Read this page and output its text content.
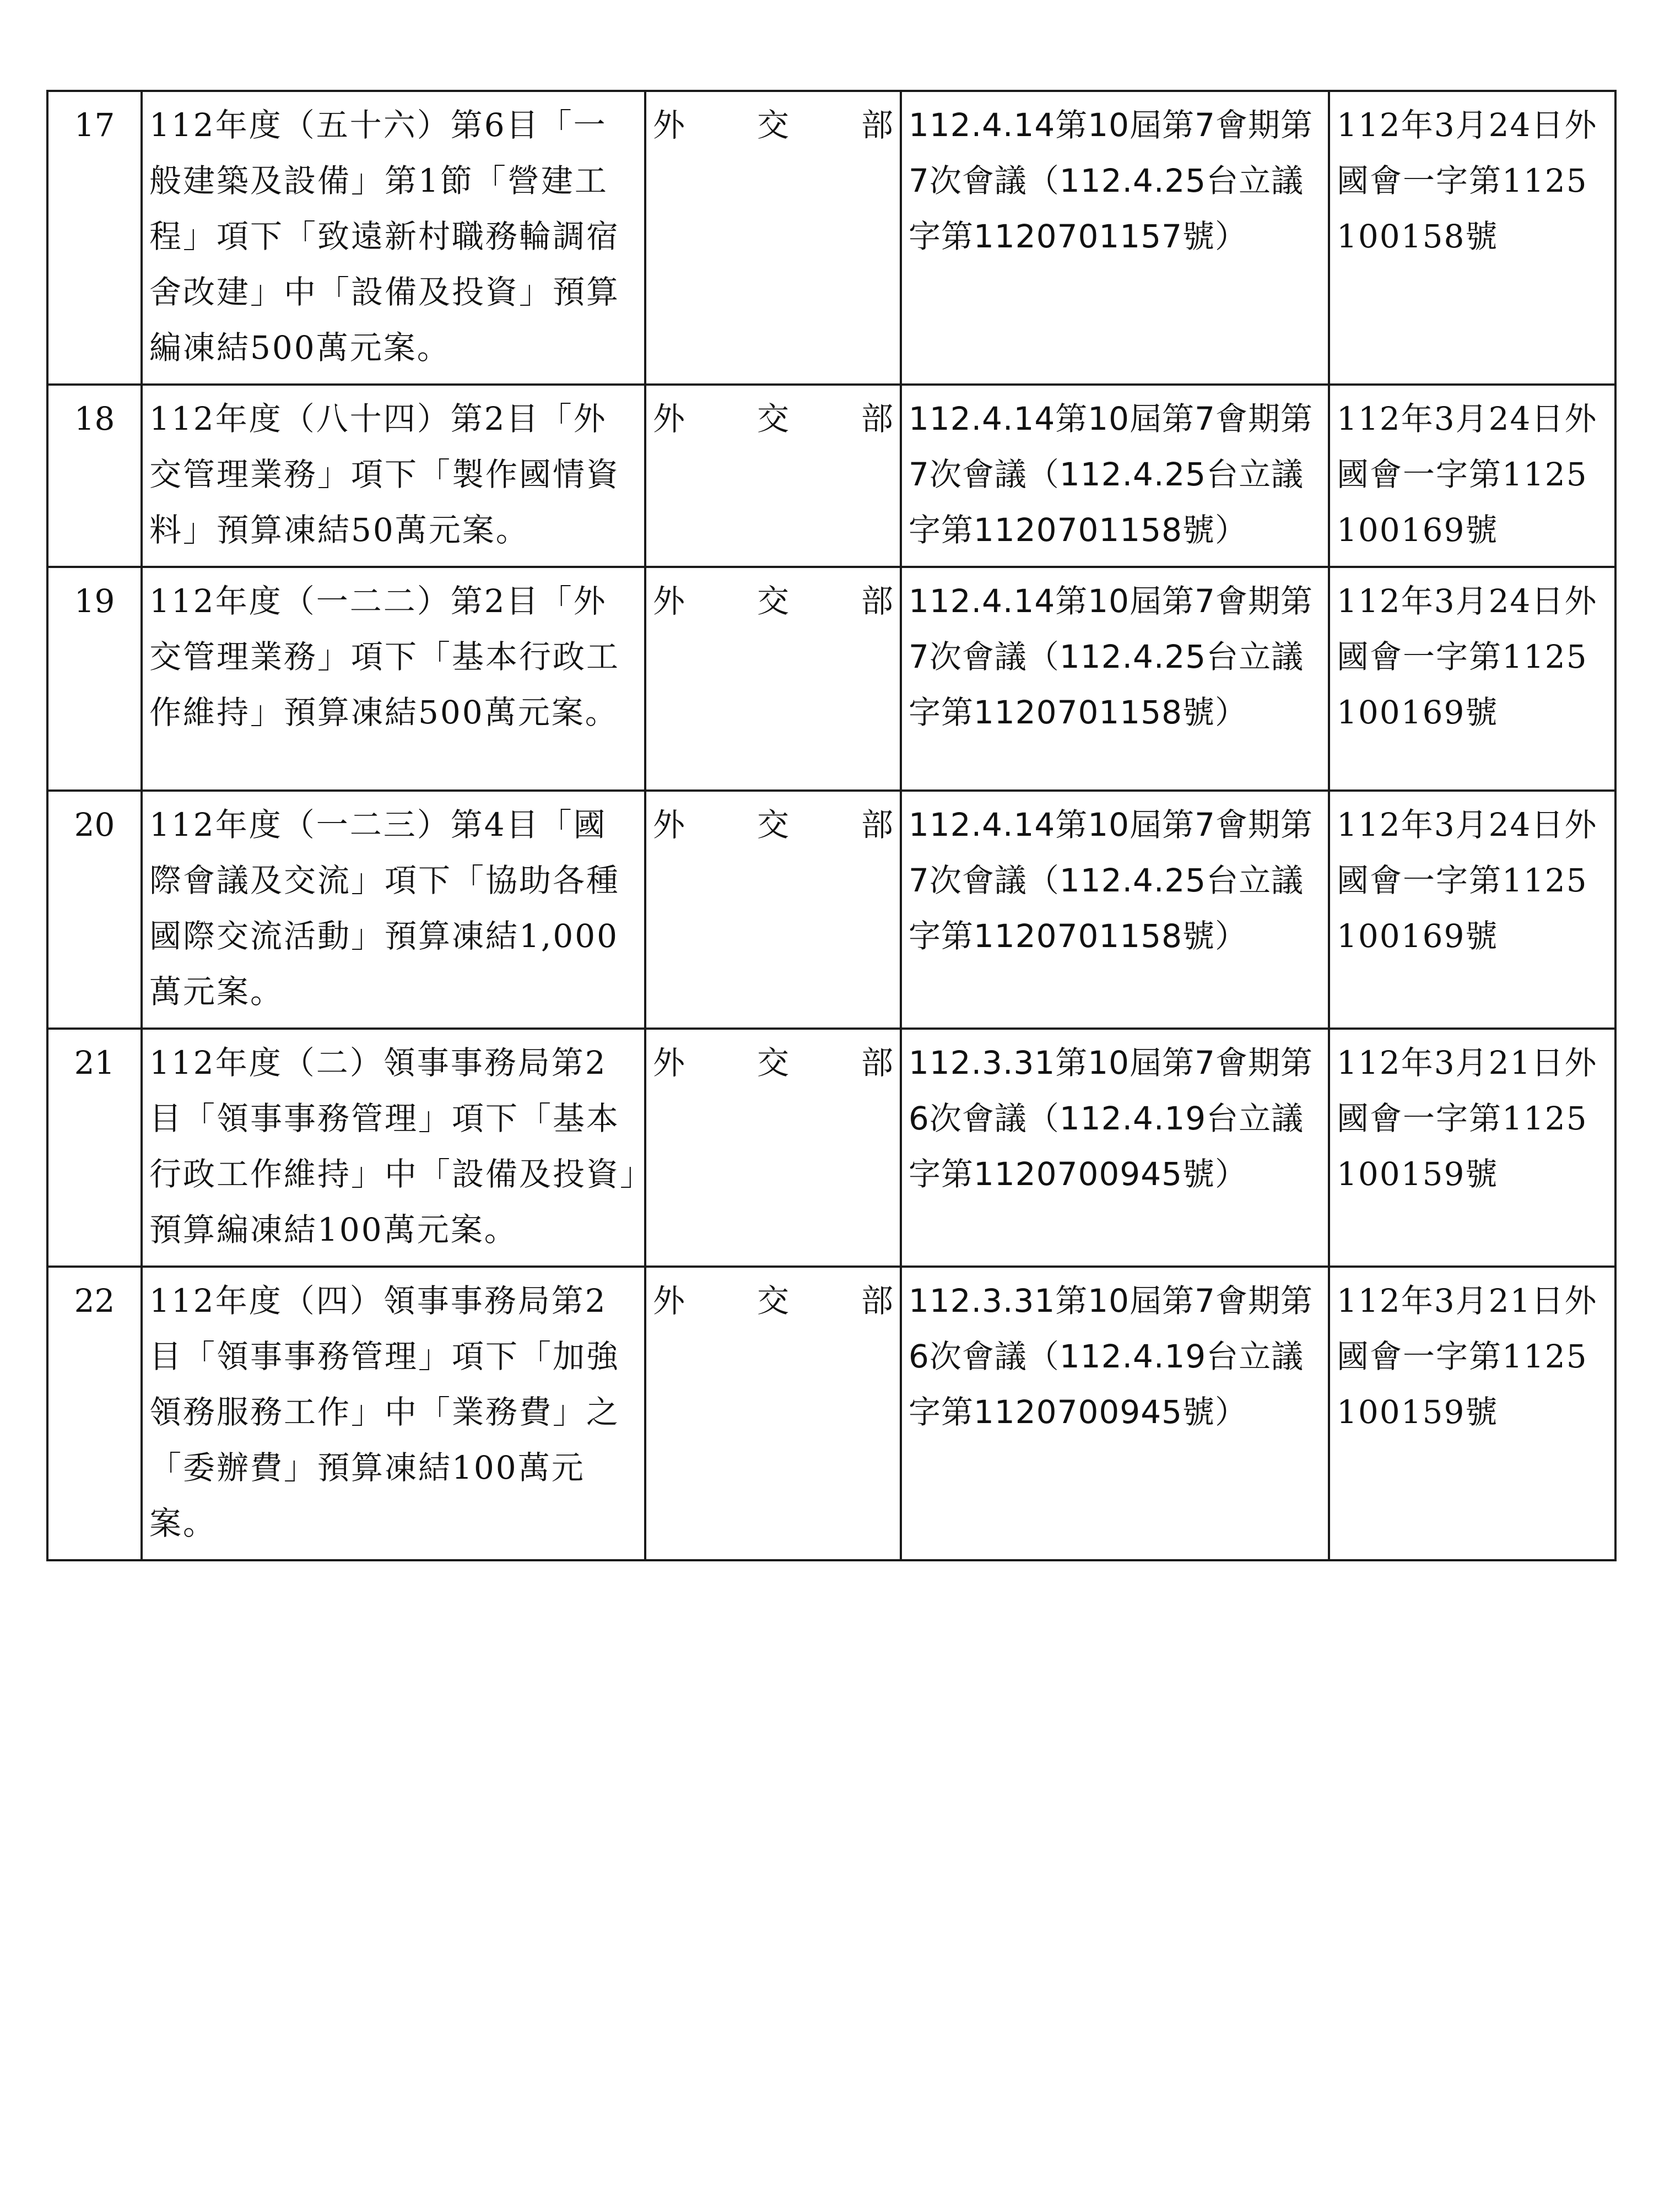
17	112年度（五十六）第6目「一般建築及設備」第1節「營建工程」項下「致遠新村職務輪調宿舍改建」中「設備及投資」預算編凍結500萬元案。	外 交 部	112.4.14第10屆第7會期第7次會議（112.4.25台立議字第1120701157號）	112年3月24日外國會一字第1125100158號
18	112年度（八十四）第2目「外交管理業務」項下「製作國情資料」預算凍結50萬元案。	外 交 部	112.4.14第10屆第7會期第7次會議（112.4.25台立議字第1120701158號）	112年3月24日外國會一字第1125100169號
19	112年度（一二二）第2目「外交管理業務」項下「基本行政工作維持」預算凍結500萬元案。	外 交 部	112.4.14第10屆第7會期第7次會議（112.4.25台立議字第1120701158號）	112年3月24日外國會一字第1125100169號
20	112年度（一二三）第4目「國際會議及交流」項下「協助各種國際交流活動」預算凍結1,000萬元案。	外 交 部	112.4.14第10屆第7會期第7次會議（112.4.25台立議字第1120701158號）	112年3月24日外國會一字第1125100169號
21	112年度（二）領事事務局第2目「領事事務管理」項下「基本行政工作維持」中「設備及投資」預算編凍結100萬元案。	外 交 部	112.3.31第10屆第7會期第6次會議（112.4.19台立議字第1120700945號）	112年3月21日外國會一字第1125100159號
22	112年度（四）領事事務局第2目「領事事務管理」項下「加強領務服務工作」中「業務費」之「委辦費」預算凍結100萬元案。	外 交 部	112.3.31第10屆第7會期第6次會議（112.4.19台立議字第1120700945號）	112年3月21日外國會一字第1125100159號
